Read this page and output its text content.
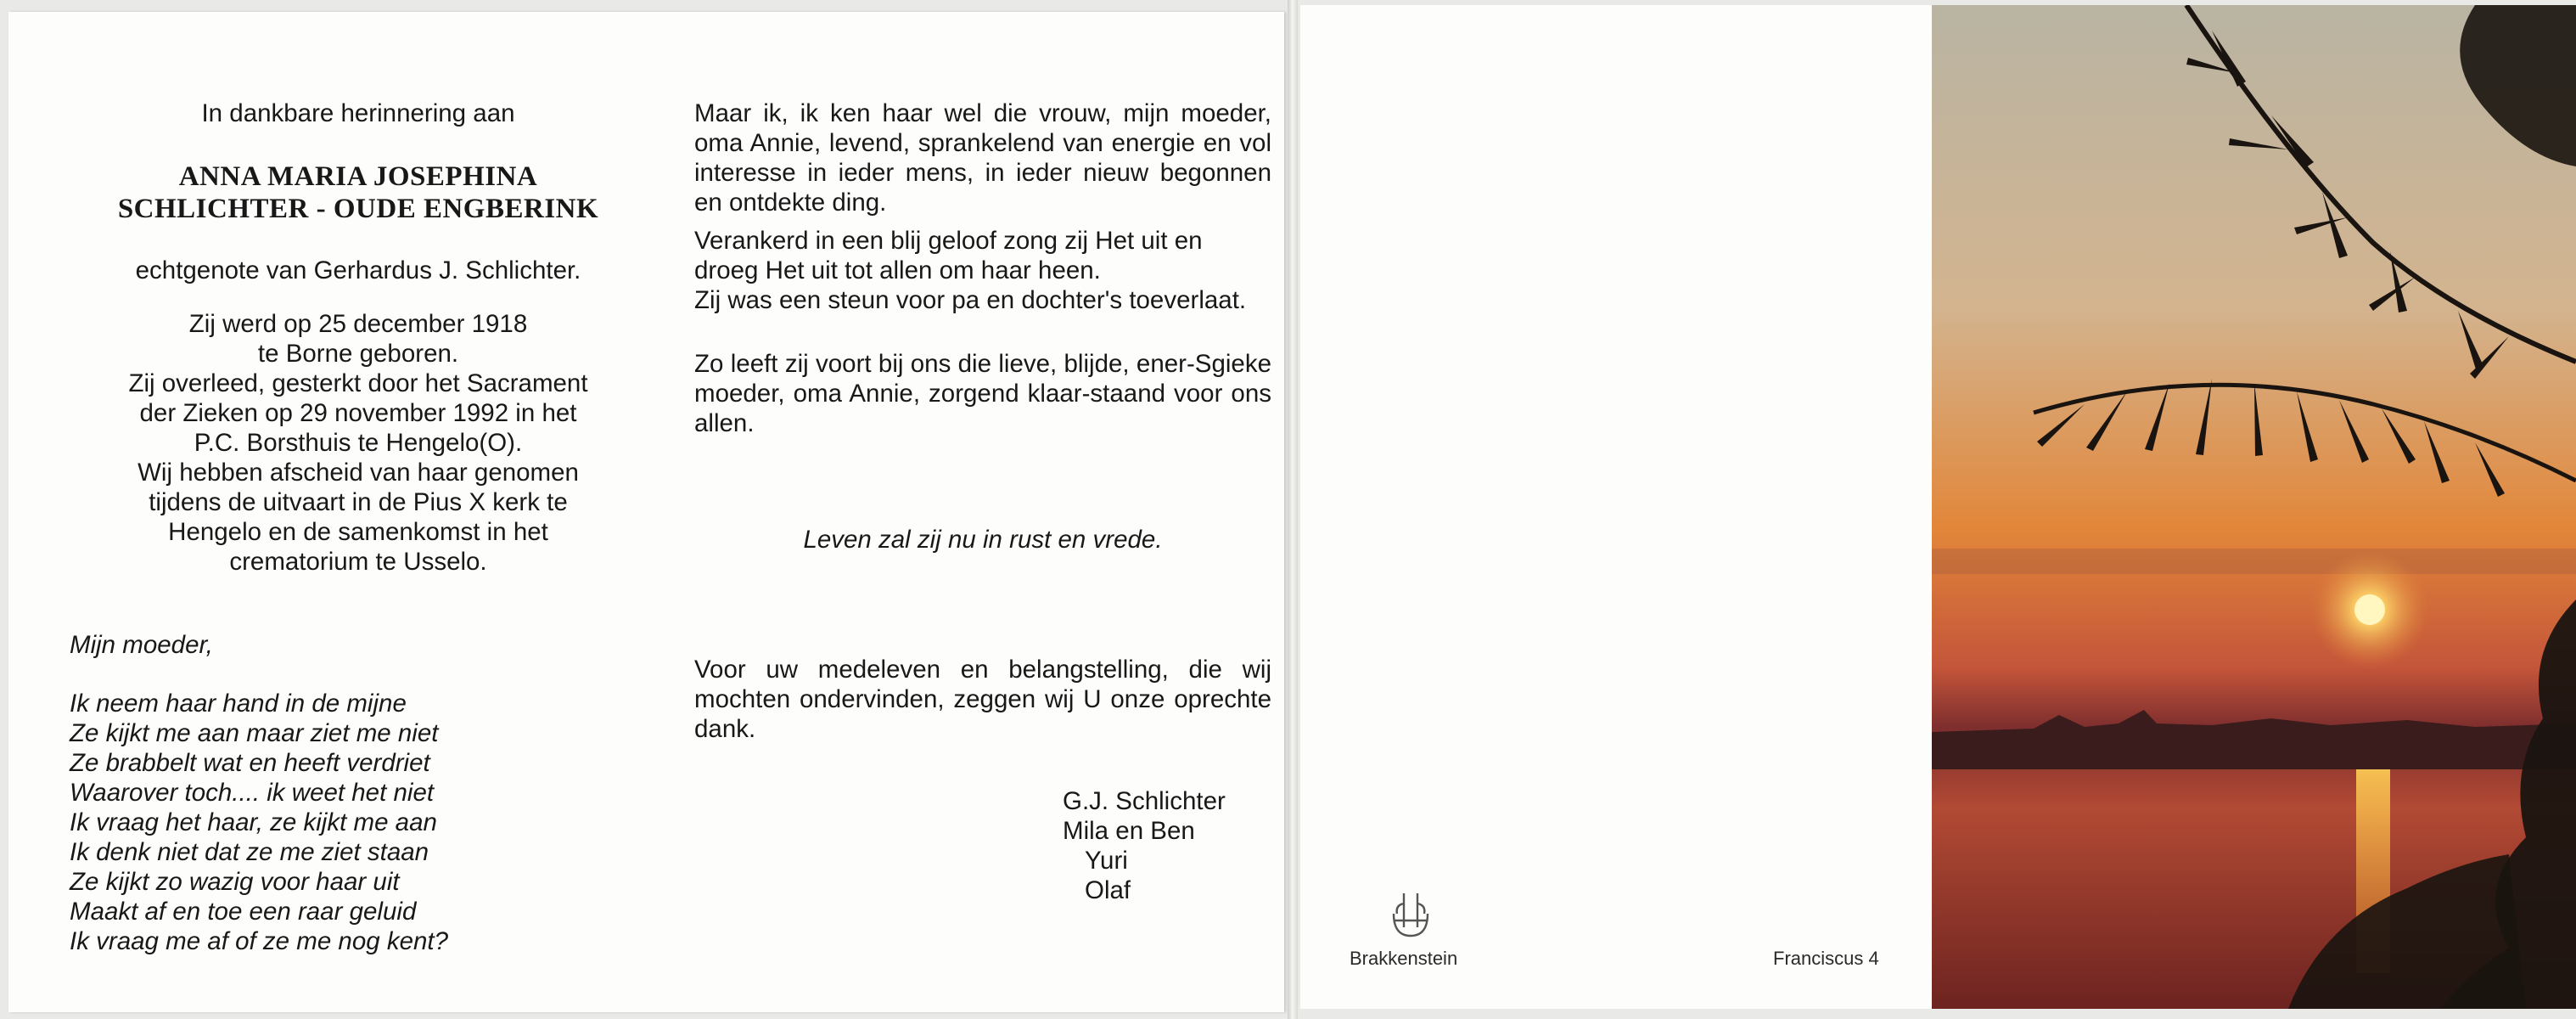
In dankbare herinnering aan

ANNA MARIA JOSEPHINA

SCHLICHTER - OUDE ENGBERINK

echtgenote van Gerhardus J. Schlichter.

Zij werd op 25 december 1918

te Borne geboren.

Zij overleed, gesterkt door het Sacrament

der Zieken op 29 november 1992 in het

P.C. Borsthuis te Hengelo(O).

Wij hebben afscheid van haar genomen

tijdens de uitvaart in de Pius X kerk te

Hengelo en de samenkomst in het

crematorium te Usselo.

Mijn moeder,

Ik neem haar hand in de mijne
Ze kijkt me aan maar ziet me niet
Ze brabbelt wat en heeft verdriet
Waarover toch.... ik weet het niet
Ik vraag het haar, ze kijkt me aan
Ik denk niet dat ze me ziet staan
Ze kijkt zo wazig voor haar uit
Maakt af en toe een raar geluid
Ik vraag me af of ze me nog kent?

Maar ik, ik ken haar wel die vrouw, mijn moeder, oma Annie, levend, sprankelend van energie en vol interesse in ieder mens, in ieder nieuw begonnen en ontdekte ding.

Verankerd in een blij geloof zong zij Het uit en droeg Het uit tot allen om haar heen.

Zij was een steun voor pa en dochter's toeverlaat.

Zo leeft zij voort bij ons die lieve, blijde, ener-Sgieke moeder, oma Annie, zorgend klaar-staand voor ons allen.

Leven zal zij nu in rust en vrede.

Voor uw medeleven en belangstelling, die wij mochten ondervinden, zeggen wij U onze oprechte dank.

G.J. Schlichter
Mila en Ben
Yuri
Olaf
Brakkenstein	Franciscus 4
